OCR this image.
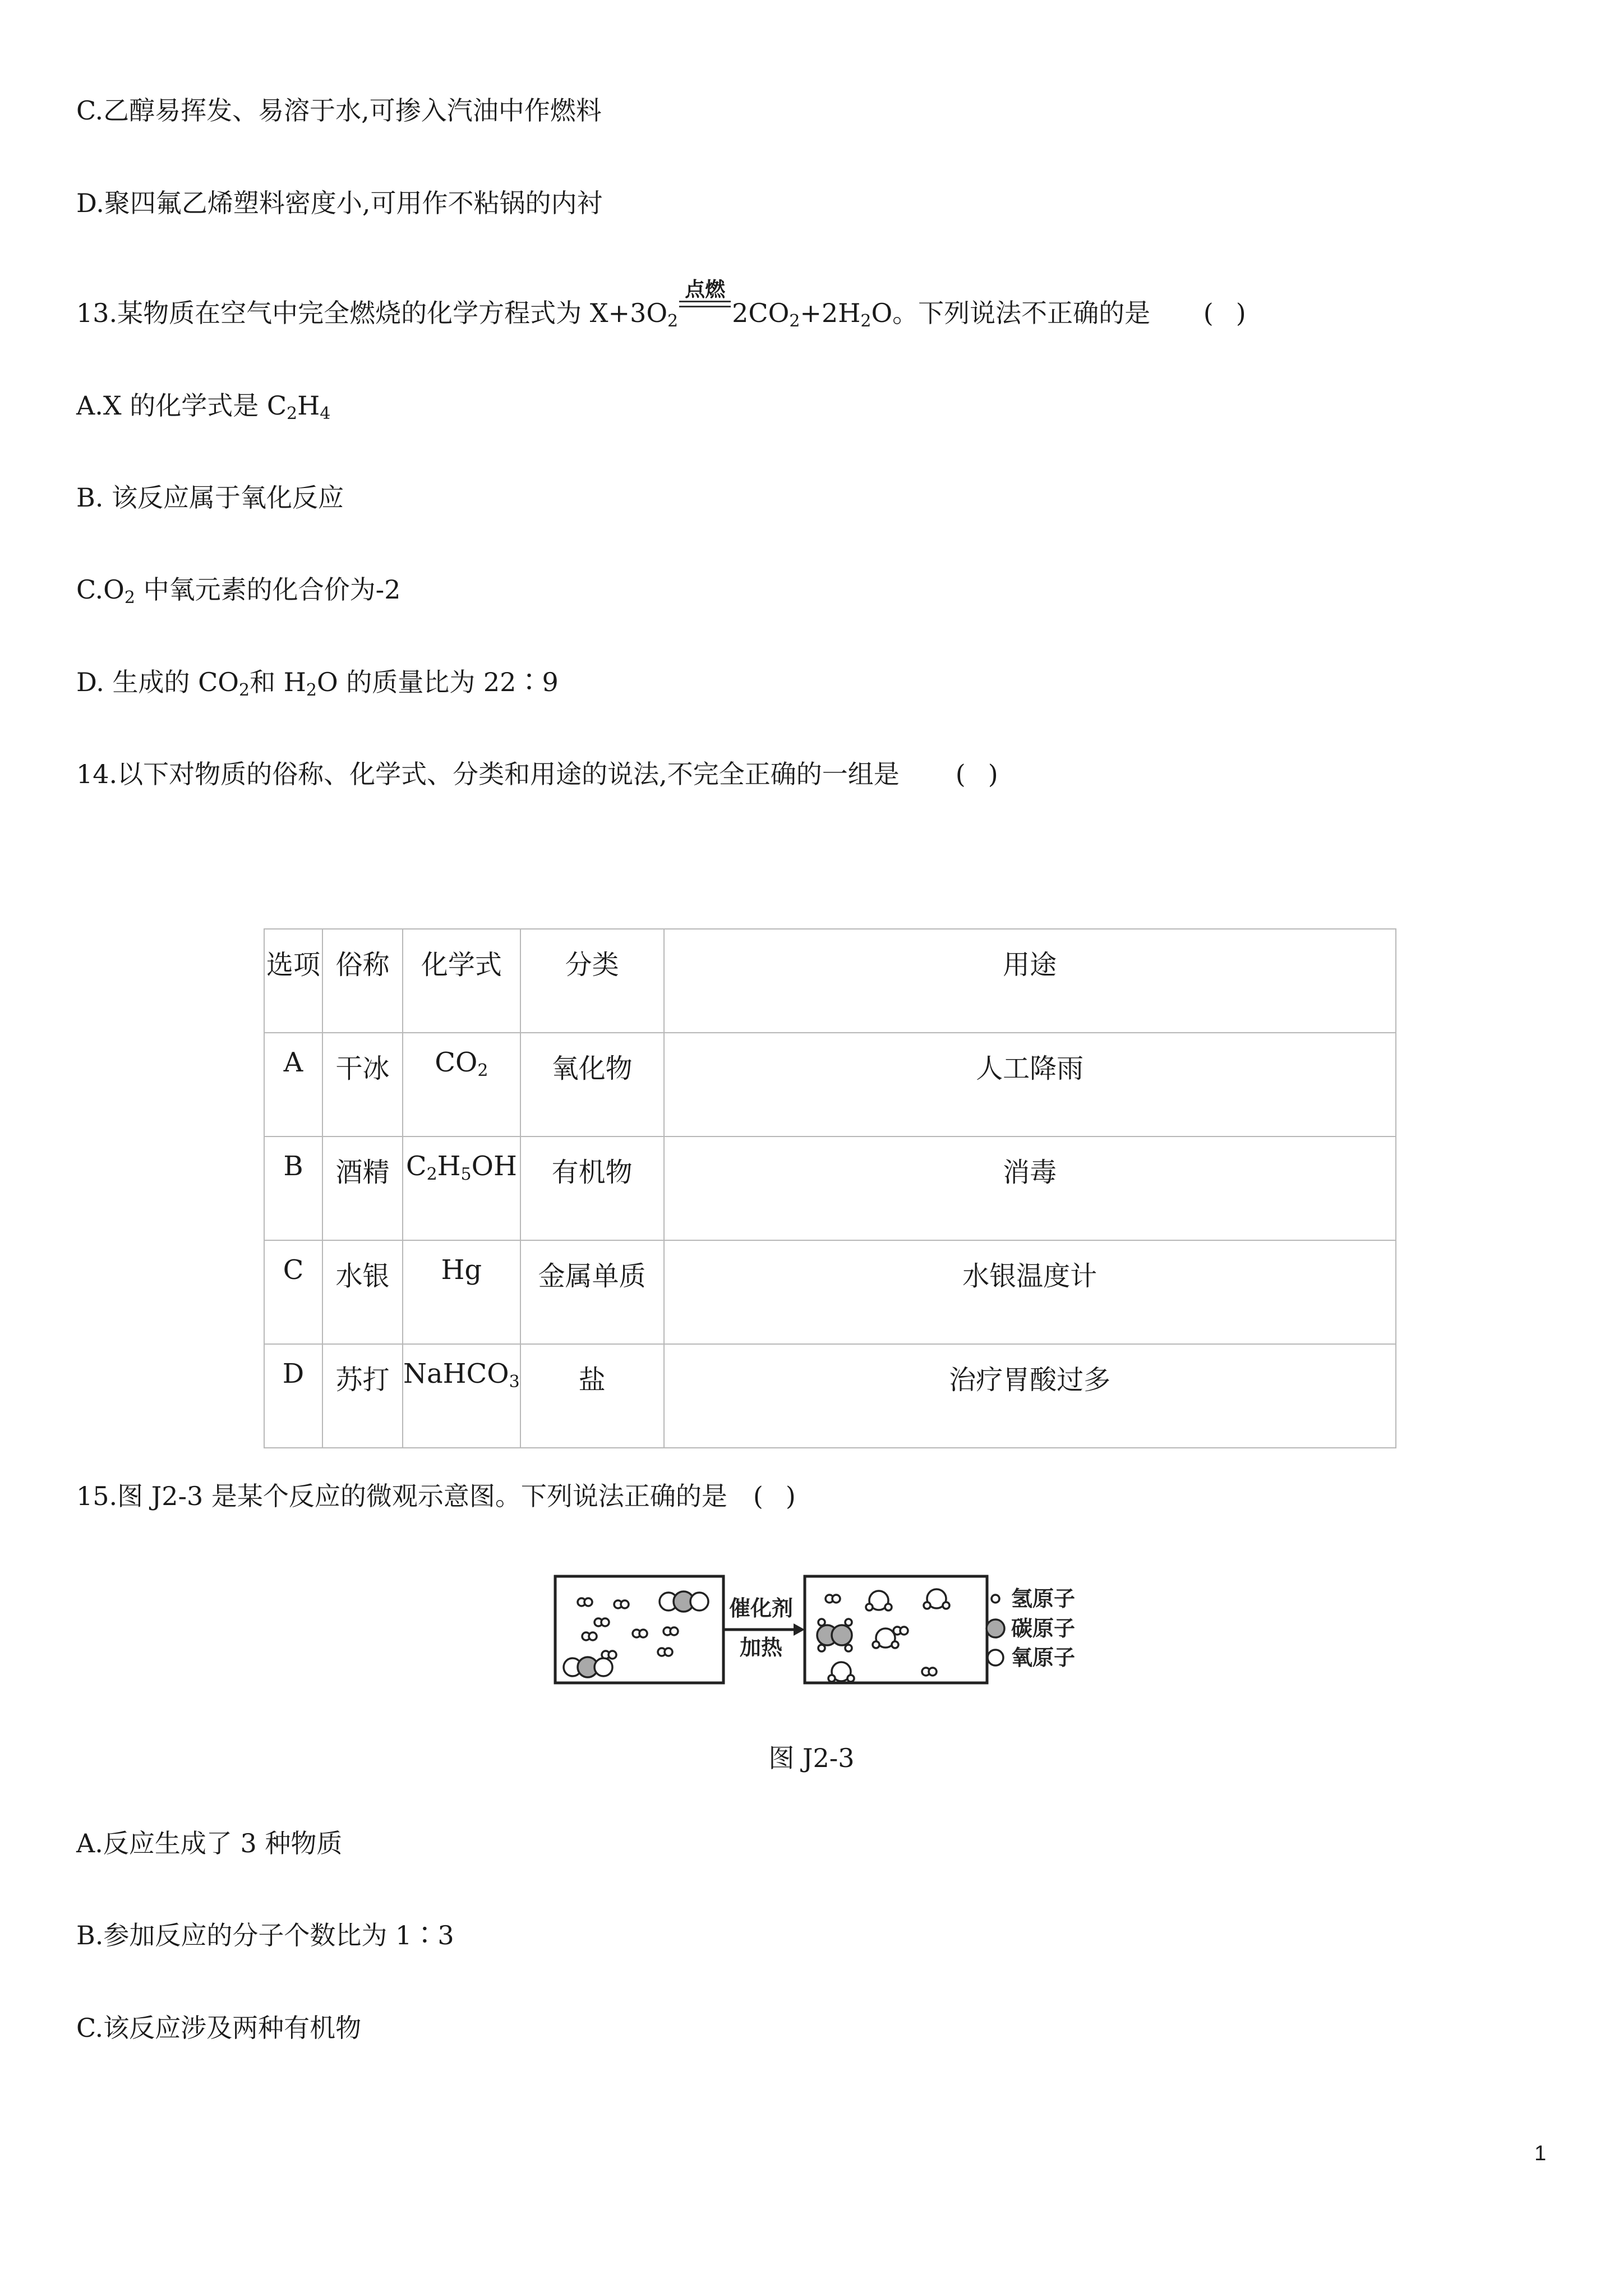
C.乙醇易挥发、易溶于水,可掺入汽油中作燃料
D.聚四氟乙烯塑料密度小,可用作不粘锅的内衬
13.某物质在空气中完全燃烧的化学方程式为 $X+3O_2$
点燃
$2CO_2+2H_2O$。下列说法不正确的是 ( )
A.X 的化学式是 $C_2H_4$
B. 该反应属于氧化反应
$C.O_2$ 中氧元素的化合价为-2
D. 生成的 $CO_2$和 $H_2O$ 的质量比为 22∶9
14.以下对物质的俗称、化学式、分类和用途的说法,不完全正确的一组是 ( )
选项	俗称	化学式	分类	用途
A	干冰	$CO_2$	氧化物	人工降雨
B	酒精	$C_2H_5OH$	有机物	消毒
C	水银	Hg	金属单质	水银温度计
D	苏打	NaHCO$_3$	盐	治疗胃酸过多
15.图 J2-3 是某个反应的微观示意图。下列说法正确的是 ( )
催化剂
加热
氢原子
碳原子
氧原子
图 J2-3
A.反应生成了 3 种物质
B.参加反应的分子个数比为 1∶3
C.该反应涉及两种有机物
1
